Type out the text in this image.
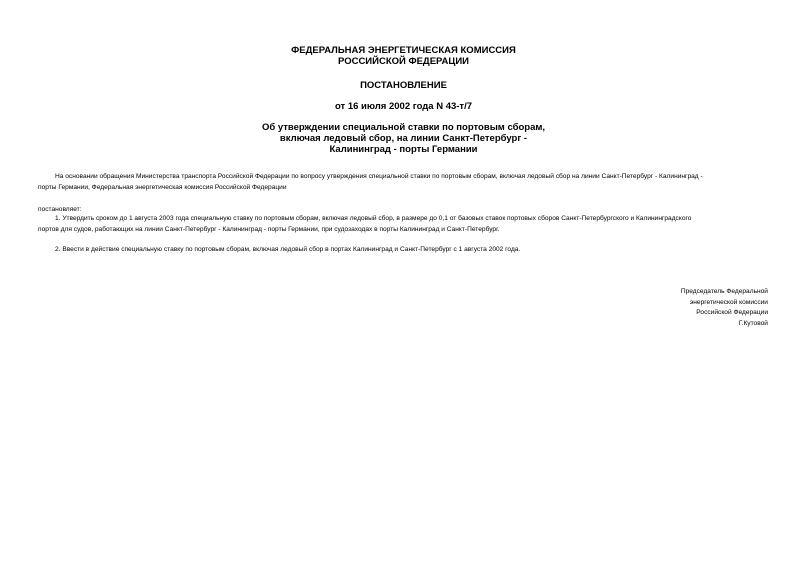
ФЕДЕРАЛЬНАЯ ЭНЕРГЕТИЧЕСКАЯ КОМИССИЯ
РОССИЙСКОЙ ФЕДЕРАЦИИ
ПОСТАНОВЛЕНИЕ
от 16 июля 2002 года N 43-т/7
Об утверждении специальной ставки по портовым сборам,
включая ледовый сбор, на линии Санкт-Петербург -
Калининград - порты Германии
На основании обращения Министерства транспорта Российской Федерации по вопросу утверждения специальной ставки по портовым сборам, включая ледовый сбор на линии Санкт-Петербург - Калининград -
порты Германии, Федеральная энергетическая комиссия Российской Федерации
постановляет:
1. Утвердить сроком до 1 августа 2003 года специальную ставку по портовым сборам, включая ледовый сбор, в размере до 0,1 от базовых ставок портовых сборов Санкт-Петербургского и Калининградского
портов для судов, работающих на линии Санкт-Петербург - Калининград - порты Германии, при судозаходах в порты Калининград и Санкт-Петербург.
2. Ввести в действие специальную ставку по портовым сборам, включая ледовый сбор в портах Калининград и Санкт-Петербург с 1 августа 2002 года.
Председатель Федеральной
энергетической комиссии
Российской Федерации
Г.Кутовой
